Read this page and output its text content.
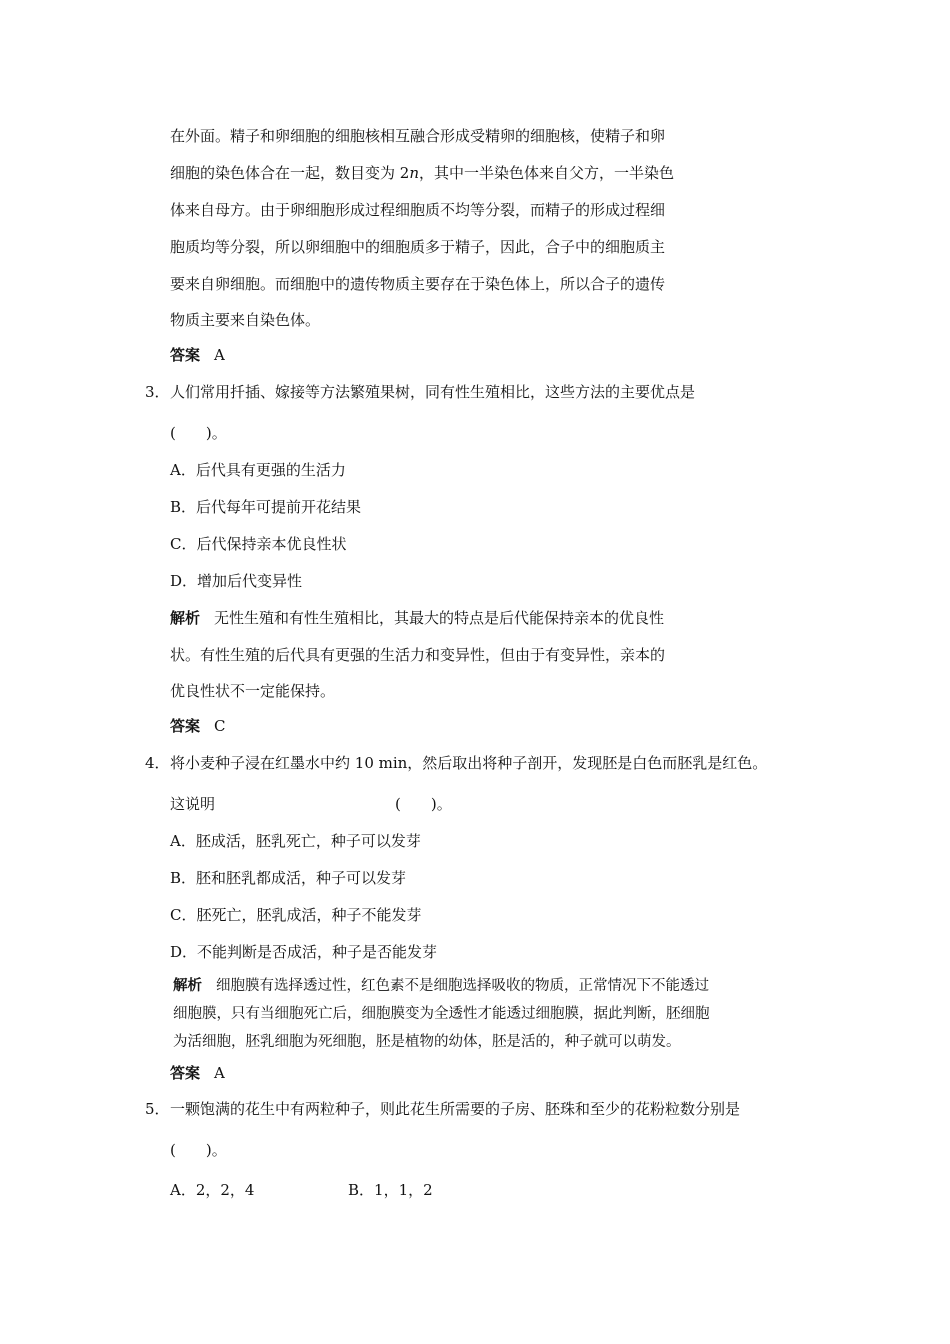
在外面。精子和卵细胞的细胞核相互融合形成受精卵的细胞核，使精子和卵
细胞的染色体合在一起，数目变为 2n，其中一半染色体来自父方，一半染色
体来自母方。由于卵细胞形成过程细胞质不均等分裂，而精子的形成过程细
胞质均等分裂，所以卵细胞中的细胞质多于精子，因此，合子中的细胞质主
要来自卵细胞。而细胞中的遗传物质主要存在于染色体上，所以合子的遗传
物质主要来自染色体。
答案 A
3． 人们常用扦插、嫁接等方法繁殖果树，同有性生殖相比，这些方法的主要优点是
(　　)。
A．后代具有更强的生活力
B．后代每年可提前开花结果
C．后代保持亲本优良性状
D．增加后代变异性
解析 无性生殖和有性生殖相比，其最大的特点是后代能保持亲本的优良性
状。有性生殖的后代具有更强的生活力和变异性，但由于有变异性，亲本的
优良性状不一定能保持。
答案 C
4． 将小麦种子浸在红墨水中约 10 min，然后取出将种子剖开，发现胚是白色而胚乳是红色。
这说明	(　　)。
A．胚成活，胚乳死亡，种子可以发芽
B．胚和胚乳都成活，种子可以发芽
C．胚死亡，胚乳成活，种子不能发芽
D．不能判断是否成活，种子是否能发芽
解析 细胞膜有选择透过性，红色素不是细胞选择吸收的物质，正常情况下不能透过
细胞膜，只有当细胞死亡后，细胞膜变为全透性才能透过细胞膜，据此判断，胚细胞
为活细胞，胚乳细胞为死细胞，胚是植物的幼体，胚是活的，种子就可以萌发。
答案 A
5． 一颗饱满的花生中有两粒种子，则此花生所需要的子房、胚珠和至少的花粉粒数分别是
(　　)。
A．2，2，4	B．1，1，2
